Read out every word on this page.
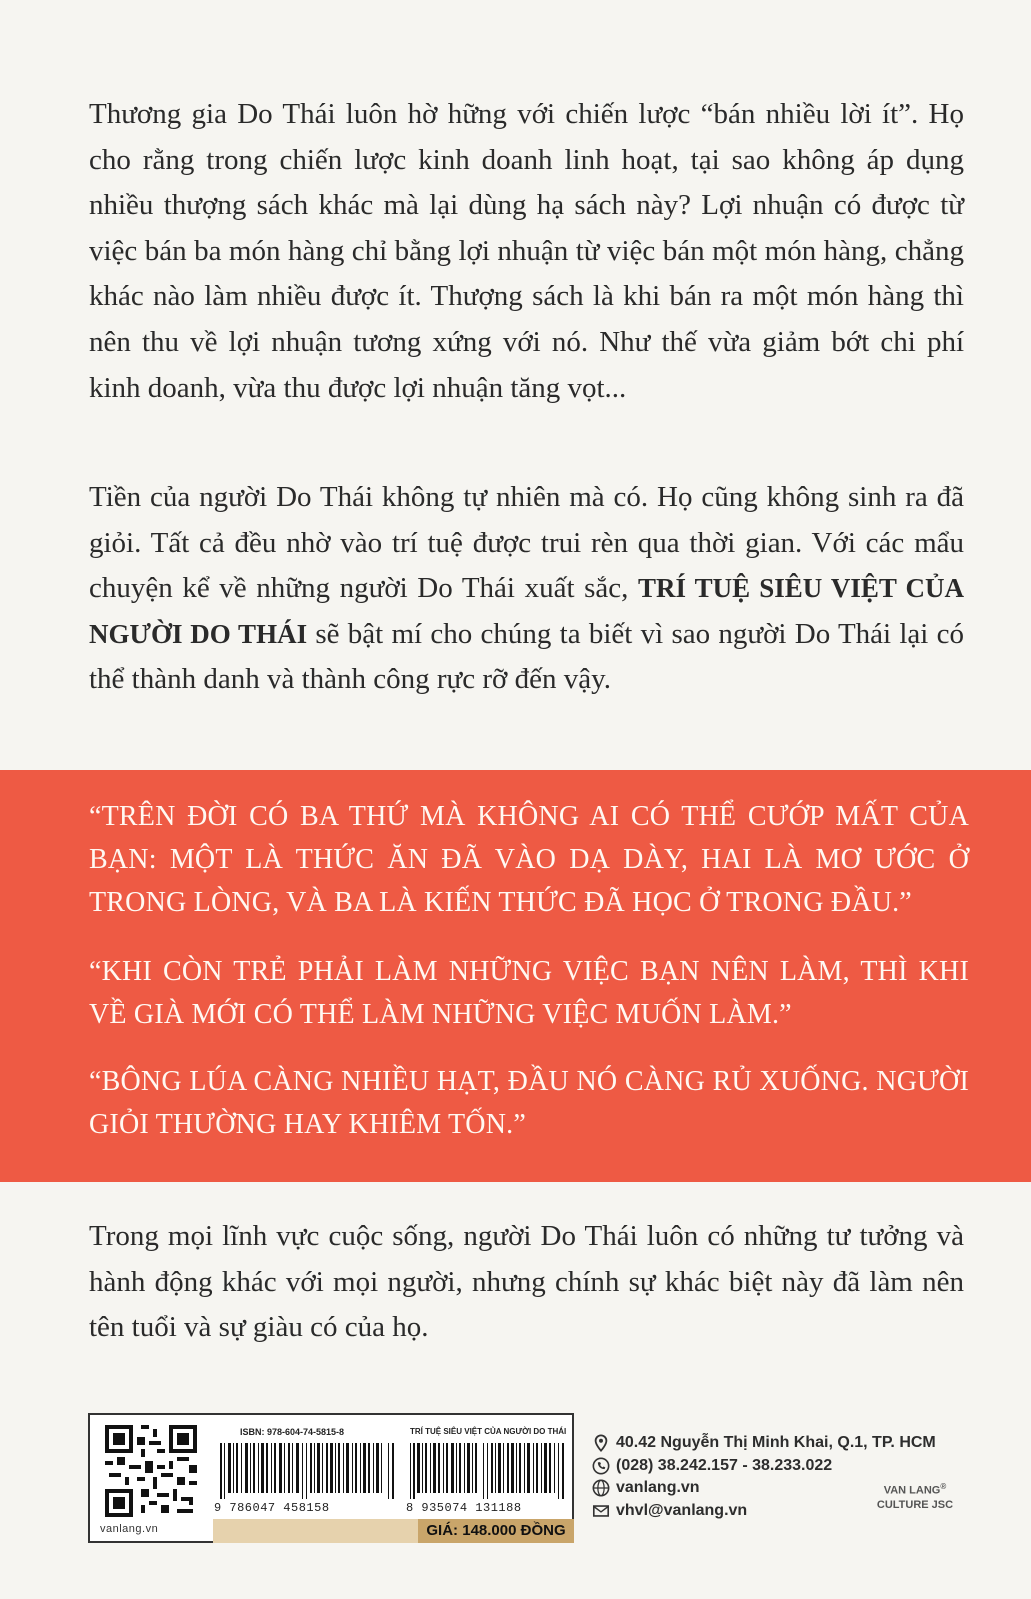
Thương gia Do Thái luôn hờ hững với chiến lược “bán nhiều lời ít”. Họ cho rằng trong chiến lược kinh doanh linh hoạt, tại sao không áp dụng nhiều thượng sách khác mà lại dùng hạ sách này? Lợi nhuận có được từ việc bán ba món hàng chỉ bằng lợi nhuận từ việc bán một món hàng, chẳng khác nào làm nhiều được ít. Thượng sách là khi bán ra một món hàng thì nên thu về lợi nhuận tương xứng với nó. Như thế vừa giảm bớt chi phí kinh doanh, vừa thu được lợi nhuận tăng vọt...

Tiền của người Do Thái không tự nhiên mà có. Họ cũng không sinh ra đã giỏi. Tất cả đều nhờ vào trí tuệ được trui rèn qua thời gian. Với các mẩu chuyện kể về những người Do Thái xuất sắc, TRÍ TUỆ SIÊU VIỆT CỦA NGƯỜI DO THÁI sẽ bật mí cho chúng ta biết vì sao người Do Thái lại có thể thành danh và thành công rực rỡ đến vậy.

“TRÊN ĐỜI CÓ BA THỨ MÀ KHÔNG AI CÓ THỂ CƯỚP MẤT CỦA BẠN: MỘT LÀ THỨC ĂN ĐÃ VÀO DẠ DÀY, HAI LÀ MƠ ƯỚC Ở TRONG LÒNG, VÀ BA LÀ KIẾN THỨC ĐÃ HỌC Ở TRONG ĐẦU.”

“KHI CÒN TRẺ PHẢI LÀM NHỮNG VIỆC BẠN NÊN LÀM, THÌ KHI VỀ GIÀ MỚI CÓ THỂ LÀM NHỮNG VIỆC MUỐN LÀM.”

“BÔNG LÚA CÀNG NHIỀU HẠT, ĐẦU NÓ CÀNG RỦ XUỐNG. NGƯỜI GIỎI THƯỜNG HAY KHIÊM TỐN.”

Trong mọi lĩnh vực cuộc sống, người Do Thái luôn có những tư tưởng và hành động khác với mọi người, nhưng chính sự khác biệt này đã làm nên tên tuổi và sự giàu có của họ.

vanlang.vn
ISBN: 978-604-74-5815-8
9 786047 458158
TRÍ TUỆ SIÊU VIỆT CỦA NGƯỜI DO THÁI
8 935074 131188
GIÁ: 148.000 ĐỒNG
40.42 Nguyễn Thị Minh Khai, Q.1, TP. HCM
(028) 38.242.157 - 38.233.022
vanlang.vn
vhvl@vanlang.vn
VAN LANG®
CULTURE JSC
